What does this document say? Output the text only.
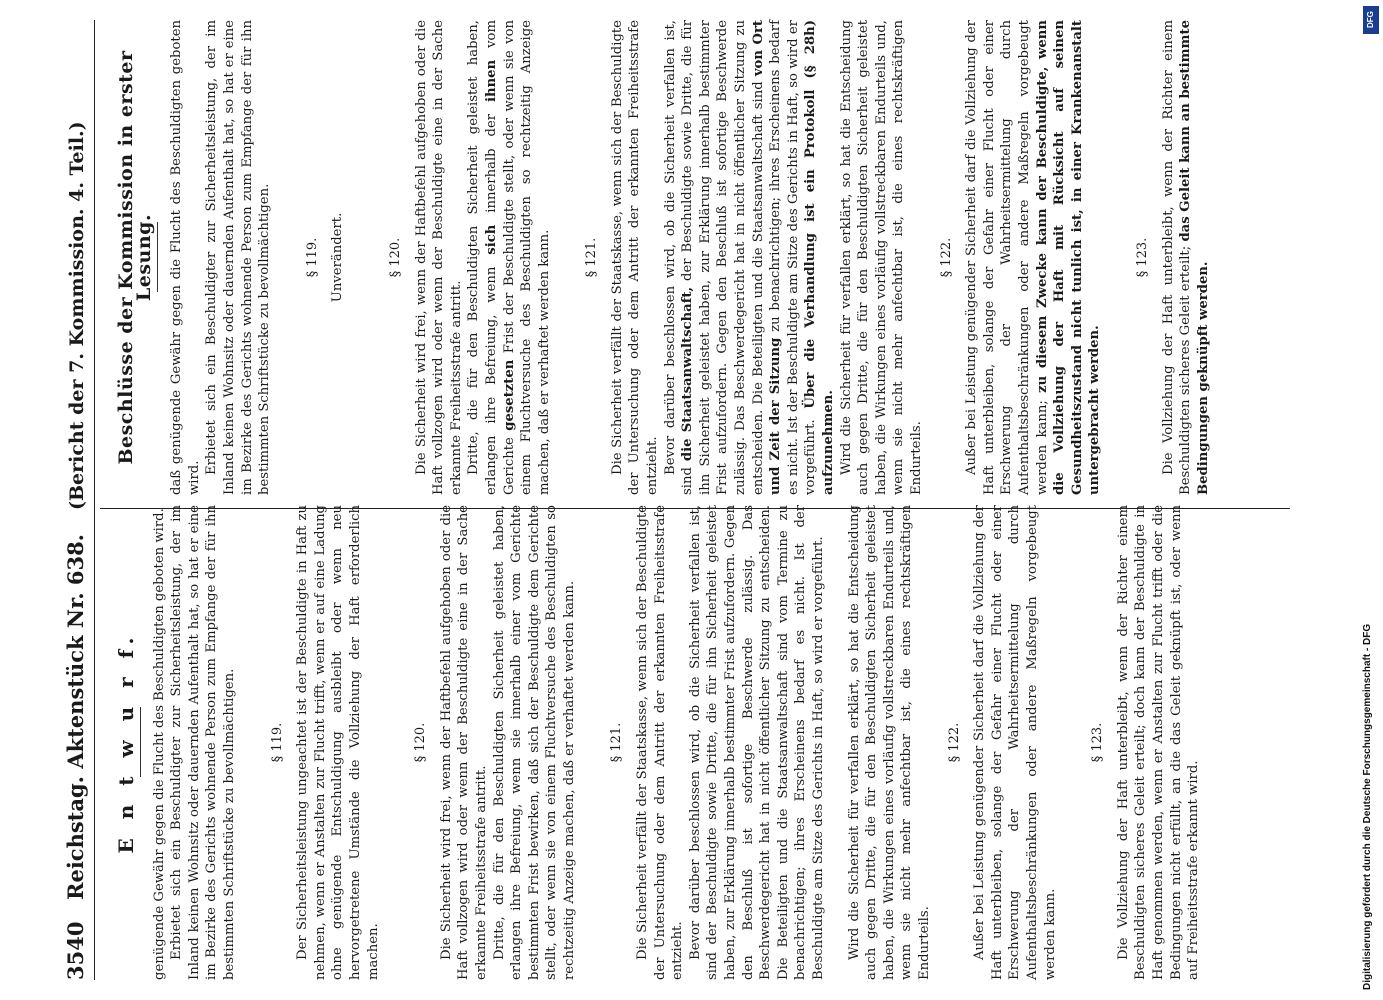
DFG
Digitalisierung gefördert durch die Deutsche Forschungsgemeinschaft - DFG
3540
Reichstag. Aktenstück Nr. 638.
(Bericht der 7. Kommission. 4. Teil.)
E n t w u r f. genügende Gewähr gegen die Flucht des Beschuldigten geboten wird. Erbietet sich ein Beschuldigter zur Sicherheitsleistung, der im Inland keinen Wohnsitz oder dauernden Aufenthalt hat, so hat er eine im Bezirke des Gerichts wohnende Person zum Empfange der für ihn bestimmten Schriftstücke zu bevollmächtigen.	§ 119. Der Sicherheitsleistung ungeachtet ist der Beschuldigte in Haft zu nehmen, wenn er Anstalten zur Flucht trifft, wenn er auf eine Ladung ohne genügende Entschuldigung ausbleibt oder wenn neu hervorgetretene Umstände die Vollziehung der Haft erforderlich machen.

§ 120. Die Sicherheit wird frei, wenn der Haftbefehl aufgehoben oder die Haft vollzogen wird oder wenn der Beschuldigte eine in der Sache erkannte Freiheitsstrafe antritt. Dritte, die für den Beschuldigten Sicherheit geleistet haben, erlangen ihre Befreiung, wenn sie innerhalb einer vom Gerichte bestimmten Frist bewirken, daß sich der Beschuldigte dem Gerichte stellt, oder wenn sie von einem Fluchtversuche des Beschuldigten so rechtzeitig Anzeige machen, daß er verhaftet werden kann.	§ 121. Die Sicherheit verfällt der Staatskasse, wenn sich der Beschuldigte der Untersuchung oder dem Antritt der erkannten Freiheitsstrafe entzieht. Bevor darüber beschlossen wird, ob die Sicherheit verfallen ist, sind der Beschuldigte sowie Dritte, die für ihn Sicherheit geleistet haben, zur Erklärung innerhalb bestimmter Frist aufzufordern. Gegen den Beschluß ist sofortige Beschwerde zulässig. Das Beschwerdegericht hat in nicht öffentlicher Sitzung zu entscheiden. Die Beteiligten und die Staatsanwaltschaft sind vom Termine zu benachrichtigen; ihres Erscheinens bedarf es nicht. Ist der Beschuldigte am Sitze des Gerichts in Haft, so wird er vorgeführt. Wird die Sicherheit für verfallen erklärt, so hat die Entscheidung auch gegen Dritte, die für den Beschuldigten Sicherheit geleistet haben, die Wirkungen eines vorläufig vollstreckbaren Endurteils und, wenn sie nicht mehr anfechtbar ist, die eines rechtskräftigen Endurteils.

§ 122. Außer bei Leistung genügender Sicherheit darf die Vollziehung der Haft unterbleiben, solange der Gefahr einer Flucht oder einer Erschwerung der Wahrheitsermittelung durch Aufenthaltsbeschränkungen oder andere Maßregeln vorgebeugt werden kann.

§ 123. Die Vollziehung der Haft unterbleibt, wenn der Richter einem Beschuldigten sicheres Geleit erteilt; doch kann der Beschuldigte in Haft genommen werden, wenn er Anstalten zur Flucht trifft oder die Bedingungen nicht erfüllt, an die das Geleit geknüpft ist, oder wenn auf Freiheitsstrafe erkannt wird.

Beschlüsse der Kommission in erster Lesung. daß genügende Gewähr gegen die Flucht des Beschuldigten geboten wird.

Erbietet sich ein Beschuldigter zur Sicherheitsleistung, der im Inland keinen Wohnsitz oder dauernden Aufenthalt hat, so hat er eine im Bezirke des Gerichts wohnende Person zum Empfange der für ihn bestimmten Schriftstücke zu bevollmächtigen.	§ 119. Unverändert.	§ 120. Die Sicherheit wird frei, wenn der Haftbefehl aufgehoben oder die Haft vollzogen wird oder wenn der Beschuldigte eine in der Sache erkannte Freiheitsstrafe antritt. Dritte, die für den Beschuldigten Sicherheit geleistet haben, erlangen ihre Befreiung, wenn sich innerhalb der ihnen vom Gerichte gesetzten Frist der Beschuldigte stellt, oder wenn sie von einem Fluchtversuche des Beschuldigten so rechtzeitig Anzeige machen, daß er verhaftet werden kann.	§ 121. Die Sicherheit verfällt der Staatskasse, wenn sich der Beschuldigte der Untersuchung oder dem Antritt der erkannten Freiheitsstrafe entzieht. Bevor darüber beschlossen wird, ob die Sicherheit verfallen ist, sind die Staatsanwaltschaft, der Beschuldigte sowie Dritte, die für ihn Sicherheit geleistet haben, zur Erklärung innerhalb bestimmter Frist aufzufordern. Gegen den Beschluß ist sofortige Beschwerde zulässig. Das Beschwerdegericht hat in nicht öffentlicher Sitzung zu entscheiden. Die Beteiligten und die Staatsanwaltschaft sind von Ort und Zeit der Sitzung zu benachrichtigen; ihres Erscheinens bedarf es nicht. Ist der Beschuldigte am Sitze des Gerichts in Haft, so wird er vorgeführt. Über die Verhandlung ist ein Protokoll (§ 28h) aufzunehmen. Wird die Sicherheit für verfallen erklärt, so hat die Entscheidung auch gegen Dritte, die für den Beschuldigten Sicherheit geleistet haben, die Wirkungen eines vorläufig vollstreckbaren Endurteils und, wenn sie nicht mehr anfechtbar ist, die eines rechtskräftigen Endurteils.

§ 122. Außer bei Leistung genügender Sicherheit darf die Vollziehung der Haft unterbleiben, solange der Gefahr einer Flucht oder einer Erschwerung der Wahrheitsermittelung durch Aufenthaltsbeschränkungen oder andere Maßregeln vorgebeugt werden kann; zu diesem Zwecke kann der Beschuldigte, wenn die Vollziehung der Haft mit Rücksicht auf seinen Gesundheitszustand nicht tunlich ist, in einer Krankenanstalt untergebracht werden.

§ 123. Die Vollziehung der Haft unterbleibt, wenn der Richter einem Beschuldigten sicheres Geleit erteilt; das Geleit kann an bestimmte Bedingungen geknüpft werden.
